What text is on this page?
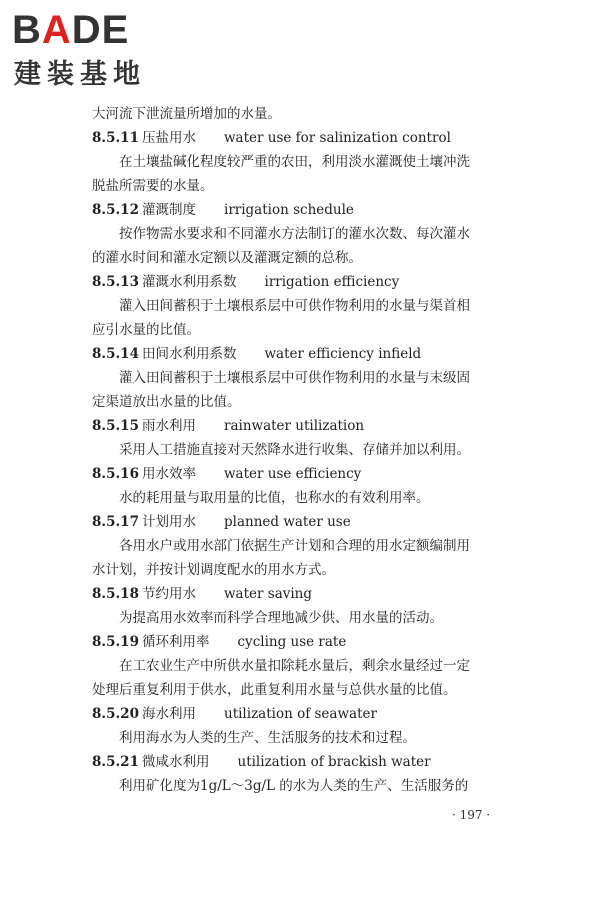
BADE
建装基地
大河流下泄流量所增加的水量。
8.5.11 压盐用水 water use for salinization control
在土壤盐碱化程度较严重的农田，利用淡水灌溉使土壤冲洗
脱盐所需要的水量。
8.5.12 灌溉制度 irrigation schedule
按作物需水要求和不同灌水方法制订的灌水次数、每次灌水
的灌水时间和灌水定额以及灌溉定额的总称。
8.5.13 灌溉水利用系数 irrigation efficiency
灌入田间蓄积于土壤根系层中可供作物利用的水量与渠首相
应引水量的比值。
8.5.14 田间水利用系数 water efficiency infield
灌入田间蓄积于土壤根系层中可供作物利用的水量与末级固
定渠道放出水量的比值。
8.5.15 雨水利用 rainwater utilization
采用人工措施直接对天然降水进行收集、存储并加以利用。
8.5.16 用水效率 water use efficiency
水的耗用量与取用量的比值，也称水的有效利用率。
8.5.17 计划用水 planned water use
各用水户或用水部门依据生产计划和合理的用水定额编制用
水计划，并按计划调度配水的用水方式。
8.5.18 节约用水 water saving
为提高用水效率而科学合理地减少供、用水量的活动。
8.5.19 循环利用率 cycling use rate
在工农业生产中所供水量扣除耗水量后，剩余水量经过一定
处理后重复利用于供水，此重复利用水量与总供水量的比值。
8.5.20 海水利用 utilization of seawater
利用海水为人类的生产、生活服务的技术和过程。
8.5.21 微咸水利用 utilization of brackish water
利用矿化度为1g/L～3g/L 的水为人类的生产、生活服务的
· 197 ·
